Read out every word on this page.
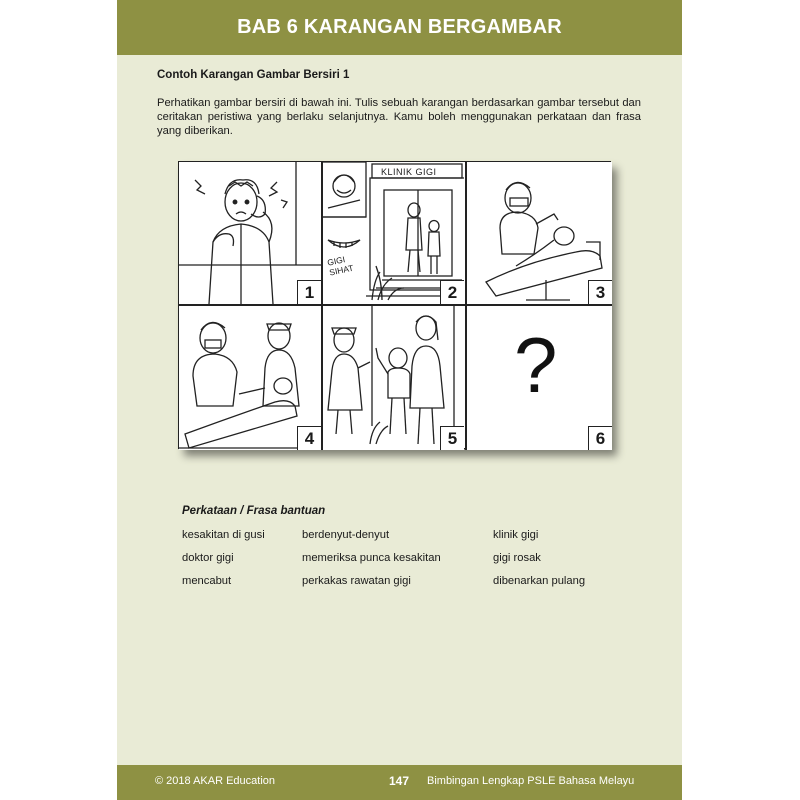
BAB 6 KARANGAN BERGAMBAR
Contoh Karangan Gambar Bersiri 1
Perhatikan gambar bersiri di bawah ini. Tulis sebuah karangan berdasarkan gambar tersebut dan ceritakan peristiwa yang berlaku selanjutnya. Kamu boleh menggunakan perkataan dan frasa yang diberikan.
1
KLINIK GIGI
GIGI SIHAT
2	3
4	5
?
6
Perkataan / Frasa bantuan
kesakitan di gusi	berdenyut-denyut	klinik gigi
doktor gigi	memeriksa punca kesakitan	gigi rosak
mencabut	perkakas rawatan gigi	dibenarkan pulang
© 2018 AKAR Education	147 Bimbingan Lengkap PSLE Bahasa Melayu
